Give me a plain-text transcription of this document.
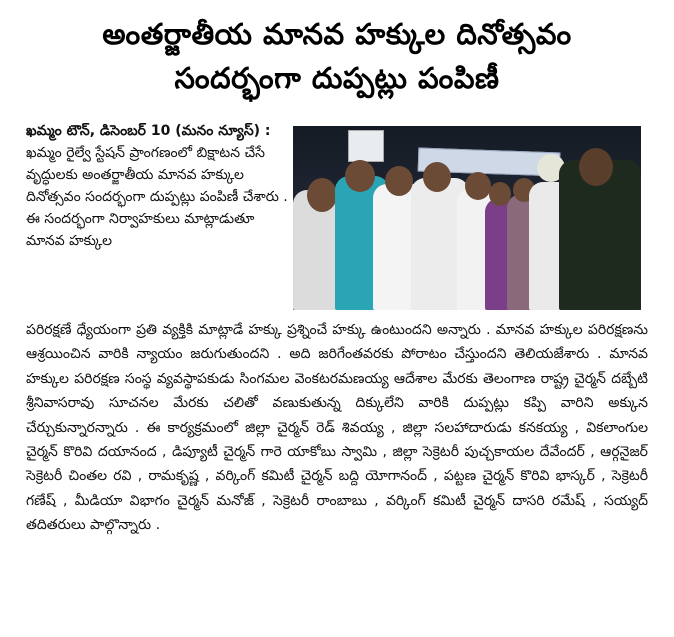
అంతర్జాతీయ మానవ హక్కుల దినోత్సవం
సందర్భంగా దుప్పట్లు పంపిణీ
ఖమ్మం టౌన్, డిసెంబర్ 10 (మనం న్యూస్) : ఖమ్మం రైల్వే స్టేషన్ ప్రాంగణంలో బిక్షాటన చేసే వృద్ధులకు అంతర్జాతీయ మానవ హక్కుల దినోత్సవం సందర్భంగా దుప్పట్లు పంపిణీ చేశారు . ఈ సందర్భంగా నిర్వాహకులు మాట్లాడుతూ మానవ హక్కుల
పరిరక్షణే ధ్యేయంగా ప్రతి వ్యక్తికి మాట్లాడే హక్కు ప్రశ్నించే హక్కు ఉంటుందని అన్నారు . మానవ హక్కుల పరిరక్షణను ఆశ్రయించిన వారికి న్యాయం జరుగుతుందని . అది జరిగేంతవరకు పోరాటం చేస్తుందని తెలియజేశారు . మానవ హక్కుల పరిరక్షణ సంస్థ వ్యవస్థాపకుడు సింగమల వెంకటరమణయ్య ఆదేశాల మేరకు తెలంగాణ రాష్ట్ర చైర్మన్ దబ్బేటి శ్రీనివాసరావు సూచనల మేరకు చలితో వణుకుతున్న దిక్కులేని వారికి దుప్పట్లు కప్పి వారిని అక్కున చేర్చుకున్నారన్నారు . ఈ కార్యక్రమంలో జిల్లా చైర్మన్ రెడ్ శివయ్య , జిల్లా సలహాదారుడు కనకయ్య , వికలాంగుల చైర్మన్ కొరివి దయానంద , డిప్యూటీ చైర్మన్ గారె యాకోబు స్వామి , జిల్లా సెక్రెటరీ పుచ్చకాయల దేవేందర్ , ఆర్గనైజర్ సెక్రెటరీ చింతల రవి , రామకృష్ణ , వర్కింగ్ కమిటీ చైర్మన్ బద్ది యోగానంద్ , పట్టణ చైర్మన్ కొరివి భాస్కర్ , సెక్రెటరీ గణేష్ , మీడియా విభాగం చైర్మన్ మనోజ్ , సెక్రెటరీ రాంబాబు , వర్కింగ్ కమిటీ చైర్మన్ దాసరి రమేష్ , సయ్యద్ తదితరులు పాల్గొన్నారు .
